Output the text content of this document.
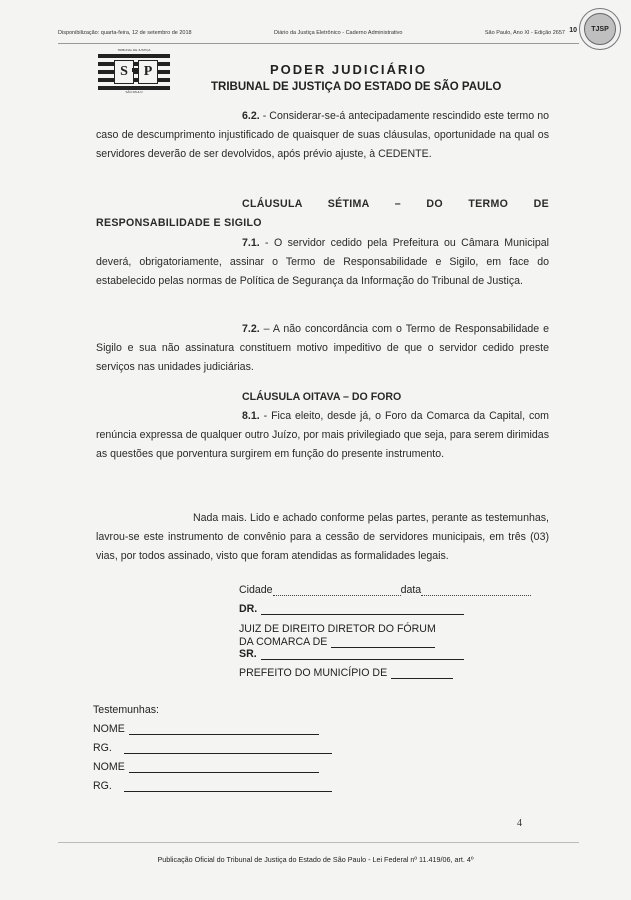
Disponibilização: quarta-feira, 12 de setembro de 2018	Diário da Justiça Eletrônico - Caderno Administrativo	São Paulo, Ano XI - Edição 2657 10	TJSP
TRIBUNAL DE JUSTIÇA
S	P
SÃO PAULO
PODER JUDICIÁRIO
TRIBUNAL DE JUSTIÇA DO ESTADO DE SÃO PAULO
6.2. - Considerar-se-á antecipadamente rescindido este termo no caso de descumprimento injustificado de quaisquer de suas cláusulas, oportunidade na qual os servidores deverão de ser devolvidos, após prévio ajuste, à CEDENTE.
CLÁUSULA SÉTIMA – DO TERMO DE RESPONSABILIDADE E SIGILO
7.1. - O servidor cedido pela Prefeitura ou Câmara Municipal deverá, obrigatoriamente, assinar o Termo de Responsabilidade e Sigilo, em face do estabelecido pelas normas de Política de Segurança da Informação do Tribunal de Justiça.
7.2. – A não concordância com o Termo de Responsabilidade e Sigilo e sua não assinatura constituem motivo impeditivo de que o servidor cedido preste serviços nas unidades judiciárias.
CLÁUSULA OITAVA – DO FORO
8.1. - Fica eleito, desde já, o Foro da Comarca da Capital, com renúncia expressa de qualquer outro Juízo, por mais privilegiado que seja, para serem dirimidas as questões que porventura surgirem em função do presente instrumento.
Nada mais. Lido e achado conforme pelas partes, perante as testemunhas, lavrou-se este instrumento de convênio para a cessão de servidores municipais, em três (03) vias, por todos assinado, visto que foram atendidas as formalidades legais.
Cidade	data
DR.
JUIZ DE DIREITO DIRETOR DO FÓRUM
DA COMARCA DE
SR.
PREFEITO DO MUNICÍPIO DE
Testemunhas:
NOME
RG.
NOME
RG.
4
Publicação Oficial do Tribunal de Justiça do Estado de São Paulo - Lei Federal nº 11.419/06, art. 4º
